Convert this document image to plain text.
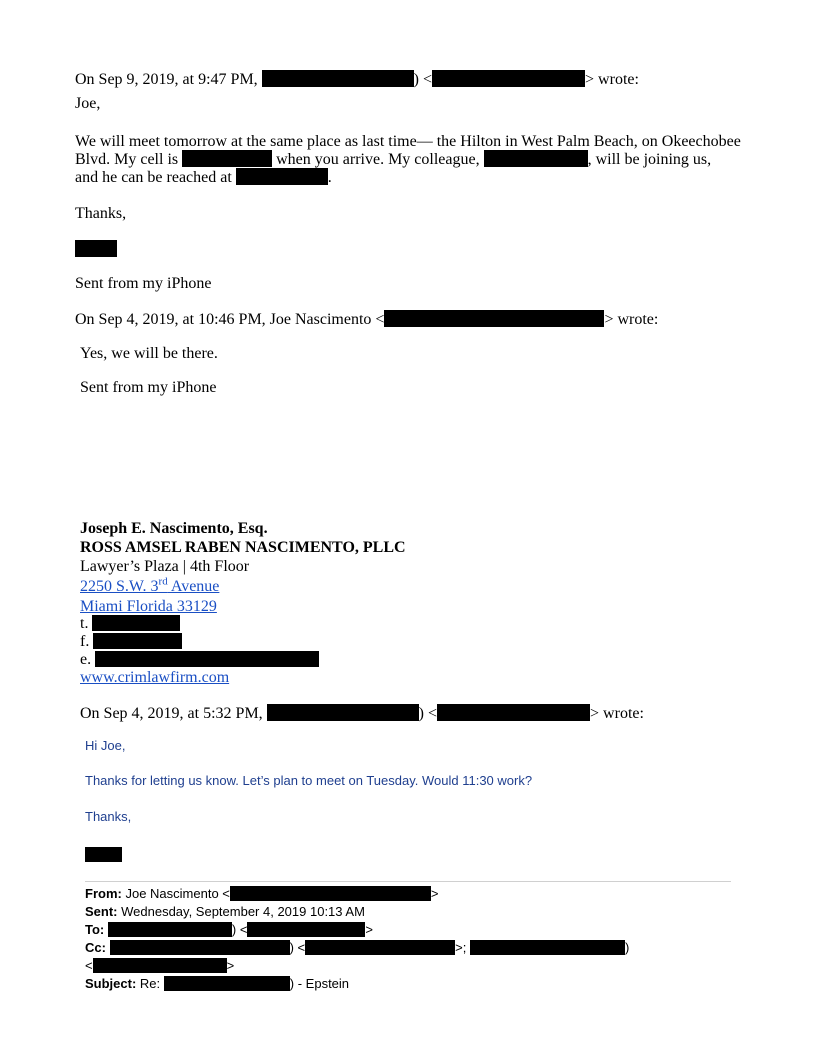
On Sep 9, 2019, at 9:47 PM,	) <	> wrote:
Joe,
We will meet tomorrow at the same place as last time— the Hilton in West Palm Beach, on Okeechobee
Blvd. My cell is	when you arrive. My colleague,	, will be joining us,
and he can be reached at	.
Thanks,
Sent from my iPhone
On Sep 4, 2019, at 10:46 PM, Joe Nascimento <	> wrote:
Yes, we will be there.
Sent from my iPhone
Joseph E. Nascimento, Esq.
ROSS AMSEL RABEN NASCIMENTO, PLLC
Lawyer’s Plaza | 4th Floor
2250 S.W. 3rd Avenue
Miami Florida 33129
t.
f.
e.
www.crimlawfirm.com
On Sep 4, 2019, at 5:32 PM,	) <	> wrote:
Hi Joe,
Thanks for letting us know. Let’s plan to meet on Tuesday. Would 11:30 work?
Thanks,
From: Joe Nascimento <	>
Sent: Wednesday, September 4, 2019 10:13 AM
To:	) <	>
Cc:	) <	>;	)
<	>
Subject: Re:	) - Epstein
